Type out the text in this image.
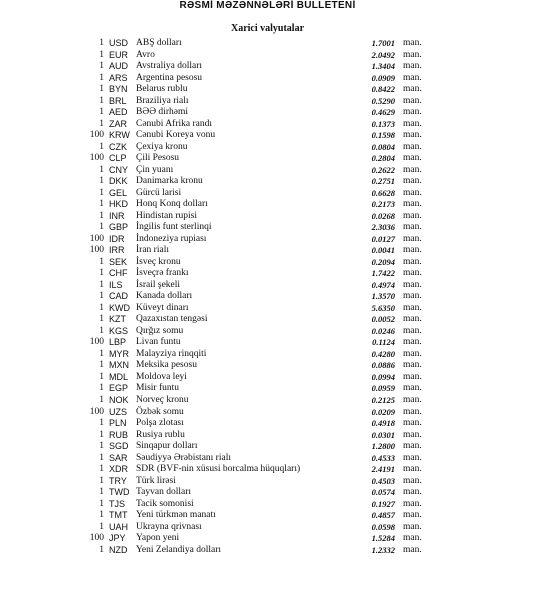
RƏSMİ MƏZƏNNƏLƏRİ BULLETENİ
Xarici valyutalar
1 USD ABŞ dolları	1.7001 man.
1 EUR Avro	2.0492 man.
1 AUD Avstraliya dolları	1.3404 man.
1 ARS Argentina pesosu	0.0909 man.
1 BYN Belarus rublu	0.8422 man.
1 BRL Braziliya rialı	0.5290 man.
1 AED BƏƏ dirhəmi	0.4629 man.
1 ZAR Cənubi Afrika randı	0.1373 man.
100 KRW Cənubi Koreya vonu	0.1598 man.
1 CZK Çexiya kronu	0.0804 man.
100 CLP Çili Pesosu	0.2804 man.
1 CNY Çin yuanı	0.2622 man.
1 DKK Danimarka kronu	0.2751 man.
1 GEL Gürcü larisi	0.6628 man.
1 HKD Honq Konq dolları	0.2173 man.
1 INR Hindistan rupisi	0.0268 man.
1 GBP İngilis funt sterlinqi	2.3036 man.
100 IDR İndoneziya rupiası	0.0127 man.
100 IRR İran rialı	0.0041 man.
1 SEK İsveç kronu	0.2094 man.
1 CHF İsveçrə frankı	1.7422 man.
1 ILS İsrail şekeli	0.4974 man.
1 CAD Kanada dolları	1.3570 man.
1 KWD Küveyt dinarı	5.6350 man.
1 KZT Qazaxıstan tengəsi	0.0052 man.
1 KGS Qırğız somu	0.0246 man.
100 LBP Livan funtu	0.1124 man.
1 MYR Malayziya rinqqiti	0.4280 man.
1 MXN Meksika pesosu	0.0886 man.
1 MDL Moldova leyi	0.0994 man.
1 EGP Misir funtu	0.0959 man.
1 NOK Norveç kronu	0.2125 man.
100 UZS Özbək somu	0.0209 man.
1 PLN Polşa zlotası	0.4918 man.
1 RUB Rusiya rublu	0.0301 man.
1 SGD Sinqapur dolları	1.2800 man.
1 SAR Səudiyyə Ərəbistanı rialı	0.4533 man.
1 XDR SDR (BVF-nin xüsusi borcalma hüquqları)	2.4191 man.
1 TRY Türk lirəsi	0.4503 man.
1 TWD Tayvan dolları	0.0574 man.
1 TJS Tacik somonisi	0.1927 man.
1 TMT Yeni türkmən manatı	0.4857 man.
1 UAH Ukrayna qrivnası	0.0598 man.
100 JPY Yapon yeni	1.5284 man.
1 NZD Yeni Zelandiya dolları	1.2332 man.
